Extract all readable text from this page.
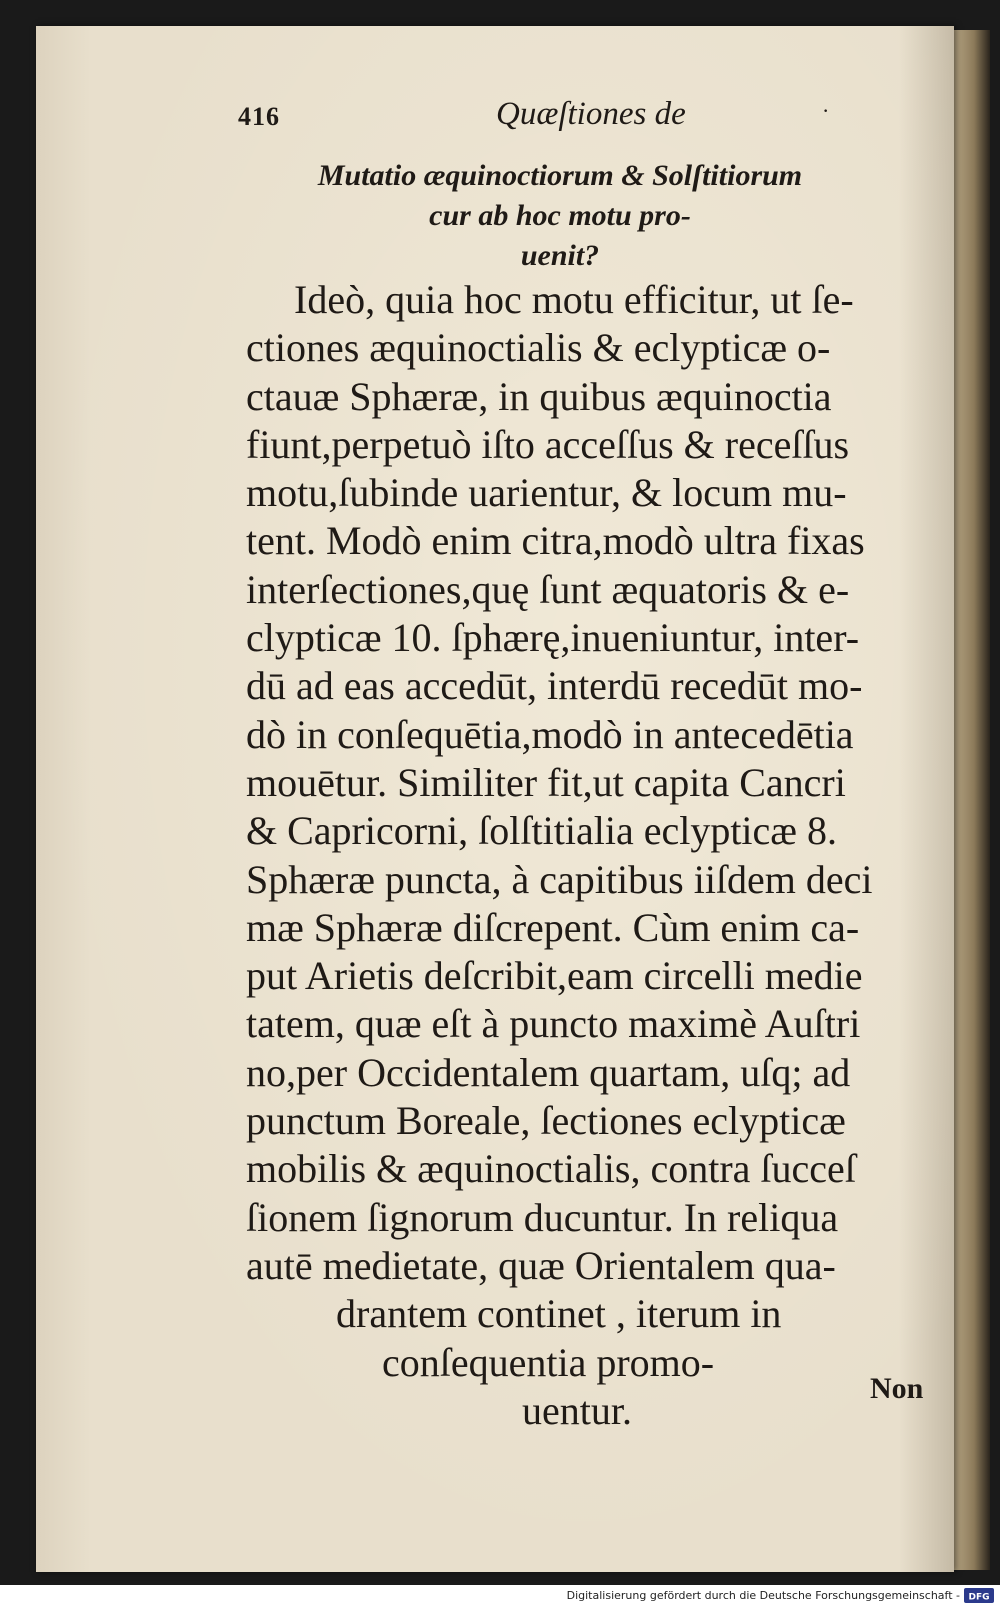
416	Quæſtiones de	·
Mutatio æquinoctiorum & Solſtitiorum
cur ab hoc motu pro-
uenit?
Ideò, quia hoc motu efficitur, ut ſe-
ctiones æquinoctialis & eclypticæ o-
ctauæ Sphæræ, in quibus æquinoctia
fiunt,perpetuò iſto acceſſus & receſſus
motu,ſubinde uarientur, & locum mu-
tent. Modò enim citra,modò ultra fixas
interſectiones,quę ſunt æquatoris & e-
clypticæ 10. ſphærę,inueniuntur, inter-
dū ad eas accedūt, interdū recedūt mo-
dò in conſequētia,modò in antecedētia
mouētur. Similiter fit,ut capita Cancri
& Capricorni, ſolſtitialia eclypticæ 8.
Sphæræ puncta, à capitibus iiſdem deci
mæ Sphæræ diſcrepent. Cùm enim ca-
put Arietis deſcribit,eam circelli medie
tatem, quæ eſt à puncto maximè Auſtri
no,per Occidentalem quartam, uſq; ad
punctum Boreale, ſectiones eclypticæ
mobilis & æquinoctialis, contra ſucceſ
ſionem ſignorum ducuntur. In reliqua
autē medietate, quæ Orientalem qua-
drantem continet , iterum in
conſequentia promo-
uentur.	Non
Digitalisierung gefördert durch die Deutsche Forschungsgemeinschaft - DFG
